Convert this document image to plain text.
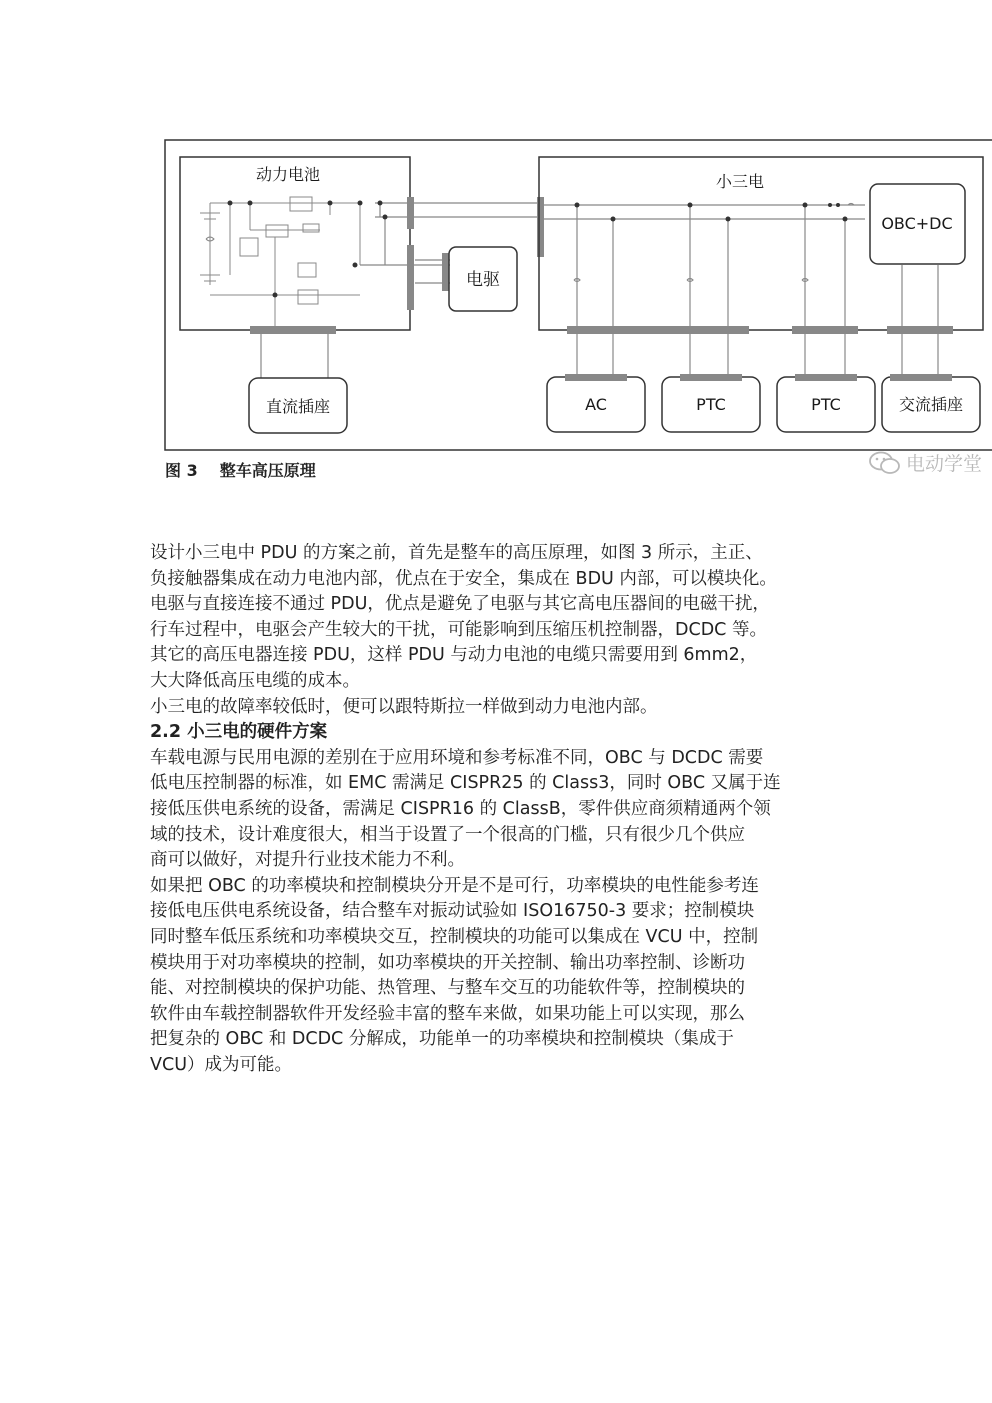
动力电池
电驱
小三电
OBC+DC
直流插座	AC	PTC	PTC	交流插座
图 3 整车高压原理	电动学堂

设计小三电中 PDU 的方案之前，首先是整车的高压原理，如图 3 所示，主正、

负接触器集成在动力电池内部，优点在于安全，集成在 BDU 内部，可以模块化。

电驱与直接连接不通过 PDU，优点是避免了电驱与其它高电压器间的电磁干扰，

行车过程中，电驱会产生较大的干扰，可能影响到压缩压机控制器，DCDC 等。

其它的高压电器连接 PDU，这样 PDU 与动力电池的电缆只需要用到 6mm2，

大大降低高压电缆的成本。

小三电的故障率较低时，便可以跟特斯拉一样做到动力电池内部。

2.2 小三电的硬件方案

车载电源与民用电源的差别在于应用环境和参考标准不同，OBC 与 DCDC 需要

低电压控制器的标准，如 EMC 需满足 CISPR25 的 Class3，同时 OBC 又属于连

接低压供电系统的设备，需满足 CISPR16 的 ClassB，零件供应商须精通两个领

域的技术，设计难度很大，相当于设置了一个很高的门槛，只有很少几个供应

商可以做好，对提升行业技术能力不利。

如果把 OBC 的功率模块和控制模块分开是不是可行，功率模块的电性能参考连

接低电压供电系统设备，结合整车对振动试验如 ISO16750-3 要求；控制模块

同时整车低压系统和功率模块交互，控制模块的功能可以集成在 VCU 中，控制

模块用于对功率模块的控制，如功率模块的开关控制、输出功率控制、诊断功

能、对控制模块的保护功能、热管理、与整车交互的功能软件等，控制模块的

软件由车载控制器软件开发经验丰富的整车来做，如果功能上可以实现，那么

把复杂的 OBC 和 DCDC 分解成，功能单一的功率模块和控制模块（集成于

VCU）成为可能。
